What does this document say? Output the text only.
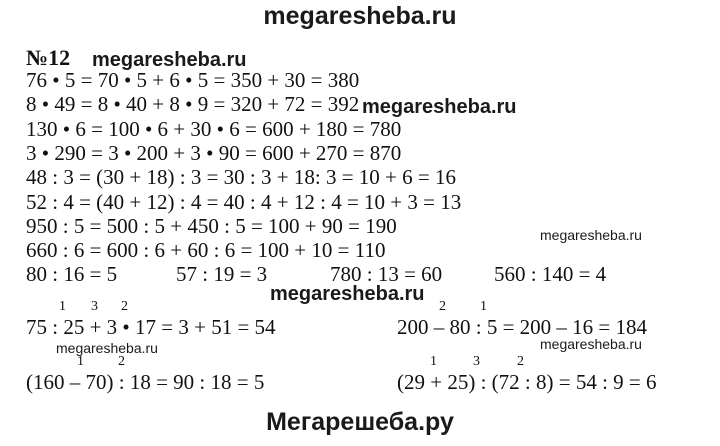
megaresheba.ru
№12 megaresheba.ru
76 • 5 = 70 • 5 + 6 • 5 = 350 + 30 = 380
8 • 49 = 8 • 40 + 8 • 9 = 320 + 72 = 392 megaresheba.ru
130 • 6 = 100 • 6 + 30 • 6 = 600 + 180 = 780
3 • 290 = 3 • 200 + 3 • 90 = 600 + 270 = 870
48 : 3 = (30 + 18) : 3 = 30 : 3 + 18: 3 = 10 + 6 = 16
52 : 4 = (40 + 12) : 4 = 40 : 4 + 12 : 4 = 10 + 3 = 13
950 : 5 = 500 : 5 + 450 : 5 = 100 + 90 = 190	megaresheba.ru
660 : 6 = 600 : 6 + 60 : 6 = 100 + 10 = 110
80 : 16 = 5	57 : 19 = 3	780 : 13 = 60 560 : 140 = 4
megaresheba.ru
1 3 2
75 : 25 + 3 • 17 = 3 + 51 = 54
2 1
200 – 80 : 5 = 200 – 16 = 184
megaresheba.ru	megaresheba.ru
1 2
(160 – 70) : 18 = 90 : 18 = 5
1	3	2
(29 + 25) : (72 : 8) = 54 : 9 = 6
Мегарешеба.ру
